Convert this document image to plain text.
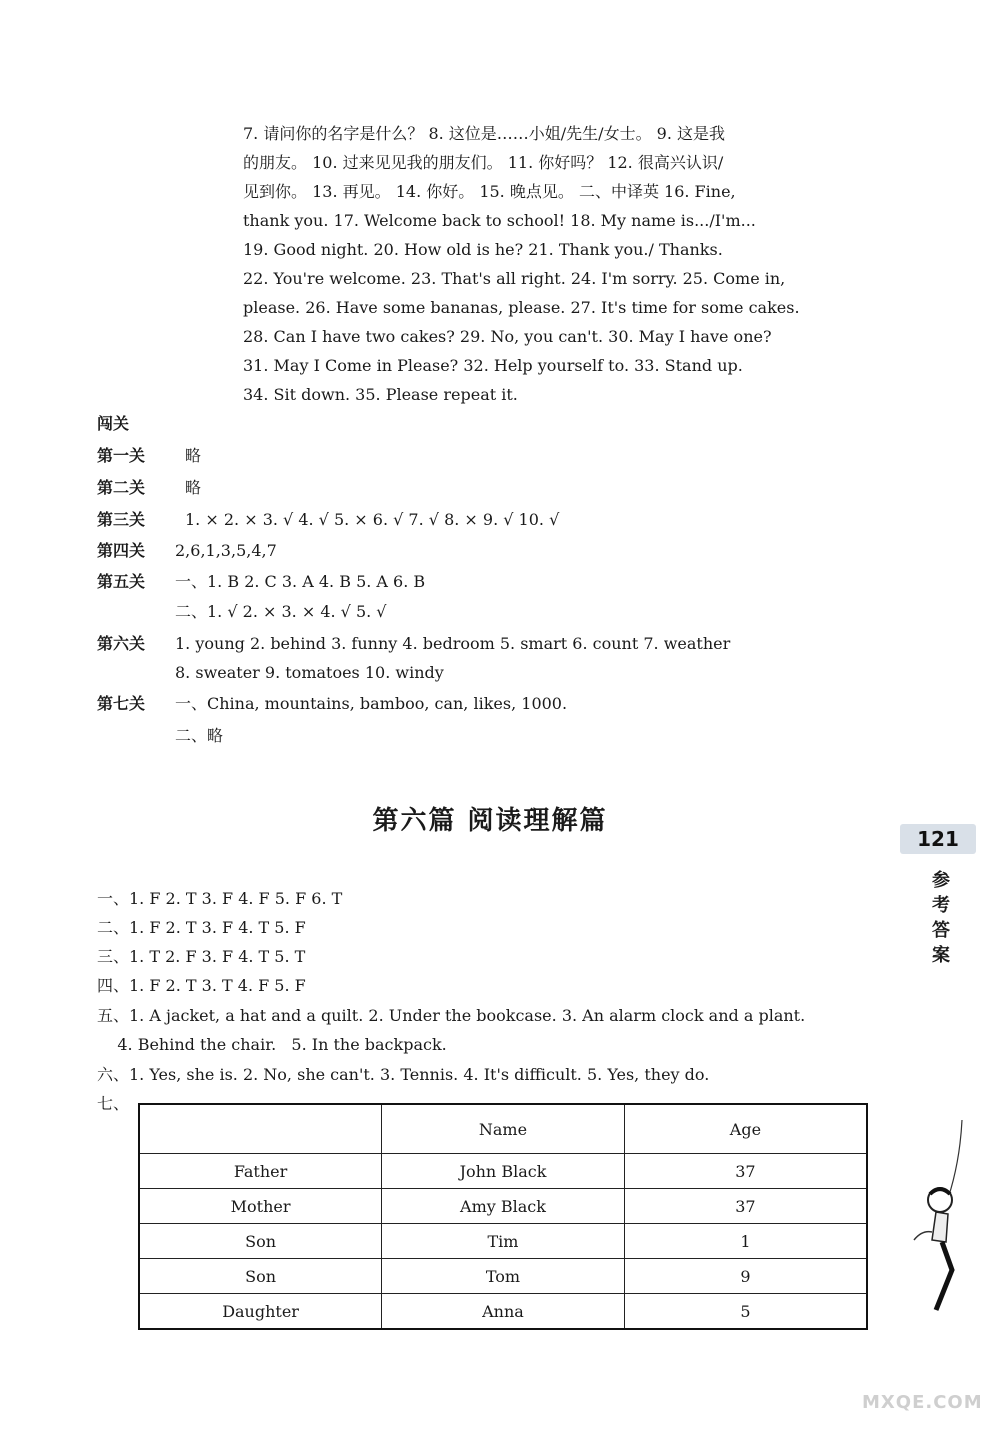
7. 请问你的名字是什么？ 8. 这位是……小姐/先生/女士。 9. 这是我
的朋友。 10. 过来见见我的朋友们。 11. 你好吗？ 12. 很高兴认识/
见到你。 13. 再见。 14. 你好。 15. 晚点见。 二、中译英 16. Fine,
thank you. 17. Welcome back to school! 18. My name is.../I'm...
19. Good night. 20. How old is he? 21. Thank you./ Thanks.
22. You're welcome. 23. That's all right. 24. I'm sorry. 25. Come in,
please. 26. Have some bananas, please. 27. It's time for some cakes.
28. Can I have two cakes? 29. No, you can't. 30. May I have one?
31. May I Come in Please? 32. Help yourself to. 33. Stand up.
34. Sit down. 35. Please repeat it.
闯关
第一关 略
第二关 略
第三关 1. × 2. × 3. √ 4. √ 5. × 6. √ 7. √ 8. × 9. √ 10. √
第四关 2,6,1,3,5,4,7
第五关 一、1. B 2. C 3. A 4. B 5. A 6. B
二、1. √ 2. × 3. × 4. √ 5. √
第六关 1. young 2. behind 3. funny 4. bedroom 5. smart 6. count 7. weather
8. sweater 9. tomatoes 10. windy
第七关 一、China, mountains, bamboo, can, likes, 1000.
二、略
第六篇 阅读理解篇
121
参考答案
一、1. F 2. T 3. F 4. F 5. F 6. T
二、1. F 2. T 3. F 4. T 5. F
三、1. T 2. F 3. F 4. T 5. T
四、1. F 2. T 3. T 4. F 5. F
五、1. A jacket, a hat and a quilt. 2. Under the bookcase. 3. An alarm clock and a plant.
4. Behind the chair.   5. In the backpack.
六、1. Yes, she is. 2. No, she can't. 3. Tennis. 4. It's difficult. 5. Yes, they do.
七、
	Name	Age
Father	John Black	37
Mother	Amy Black	37
Son	Tim	1
Son	Tom	9
Daughter	Anna	5
MXQE.COM
